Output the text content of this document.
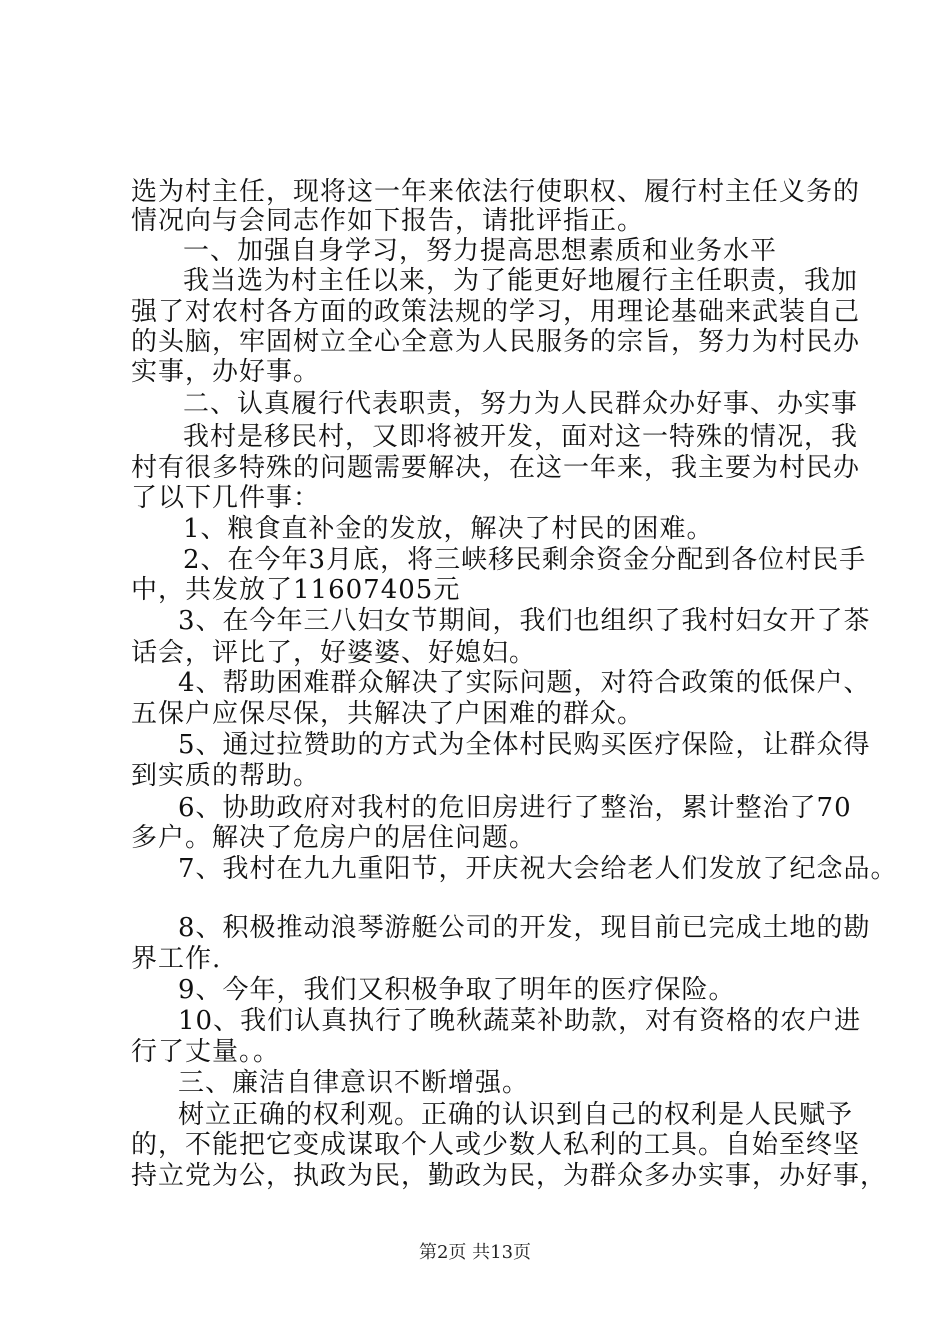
选为村主任，现将这一年来依法行使职权、履行村主任义务的
情况向与会同志作如下报告，请批评指正。
一、加强自身学习，努力提高思想素质和业务水平
我当选为村主任以来，为了能更好地履行主任职责，我加
强了对农村各方面的政策法规的学习，用理论基础来武装自己
的头脑，牢固树立全心全意为人民服务的宗旨，努力为村民办
实事，办好事。
二、认真履行代表职责，努力为人民群众办好事、办实事
我村是移民村，又即将被开发，面对这一特殊的情况，我
村有很多特殊的问题需要解决，在这一年来，我主要为村民办
了以下几件事：
1、粮食直补金的发放，解决了村民的困难。
2、在今年3月底，将三峡移民剩余资金分配到各位村民手
中，共发放了11607405元
3、在今年三八妇女节期间，我们也组织了我村妇女开了茶
话会，评比了，好婆婆、好媳妇。
4、帮助困难群众解决了实际问题，对符合政策的低保户、
五保户应保尽保，共解决了户困难的群众。
5、通过拉赞助的方式为全体村民购买医疗保险，让群众得
到实质的帮助。
6、协助政府对我村的危旧房进行了整治，累计整治了70
多户。解决了危房户的居住问题。
7、我村在九九重阳节，开庆祝大会给老人们发放了纪念品。
8、积极推动浪琴游艇公司的开发，现目前已完成土地的勘
界工作.
9、今年，我们又积极争取了明年的医疗保险。
10、我们认真执行了晚秋蔬菜补助款，对有资格的农户进
行了丈量。。
三、廉洁自律意识不断增强。
树立正确的权利观。正确的认识到自己的权利是人民赋予
的，不能把它变成谋取个人或少数人私利的工具。自始至终坚
持立党为公，执政为民，勤政为民，为群众多办实事，办好事，
第2页 共13页
